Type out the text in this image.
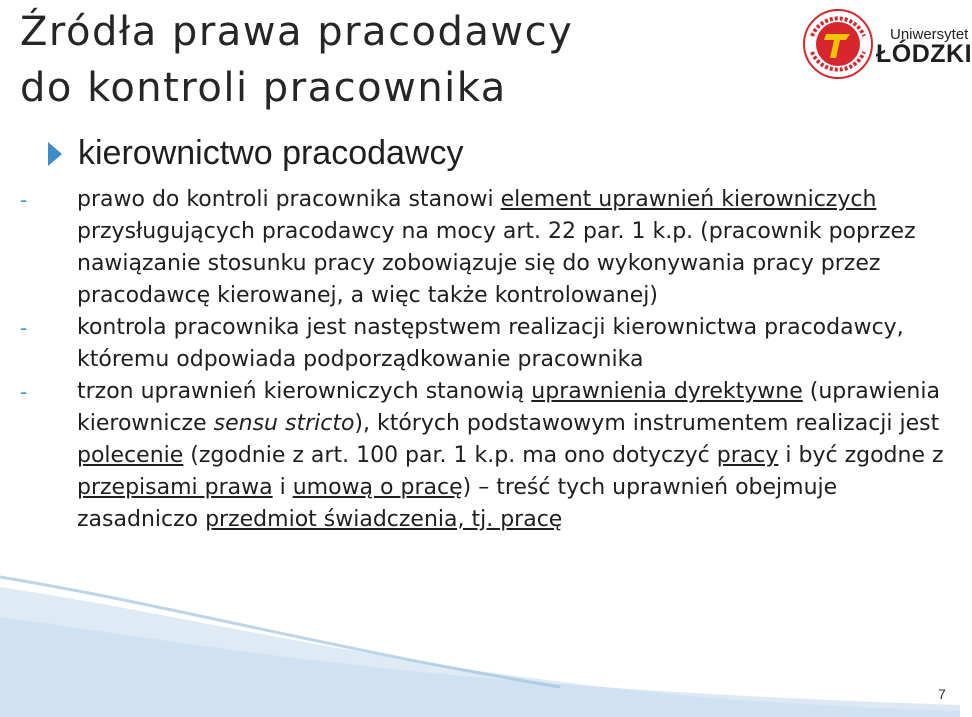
Źródła prawa pracodawcy
do kontroli pracownika
Uniwersytet
ŁÓDZKI
kierownictwo pracodawcy

- prawo do kontroli pracownika stanowi element uprawnień kierowniczych przysługujących pracodawcy na mocy art. 22 par. 1 k.p. (pracownik poprzez nawiązanie stosunku pracy zobowiązuje się do wykonywania pracy przez pracodawcę kierowanej, a więc także kontrolowanej)

- kontrola pracownika jest następstwem realizacji kierownictwa pracodawcy, któremu odpowiada podporządkowanie pracownika

- trzon uprawnień kierowniczych stanowią uprawnienia dyrektywne (uprawienia kierownicze sensu stricto), których podstawowym instrumentem realizacji jest polecenie (zgodnie z art. 100 par. 1 k.p. ma ono dotyczyć pracy i być zgodne z przepisami prawa i umową o pracę) – treść tych uprawnień obejmuje zasadniczo przedmiot świadczenia, tj. pracę

7
